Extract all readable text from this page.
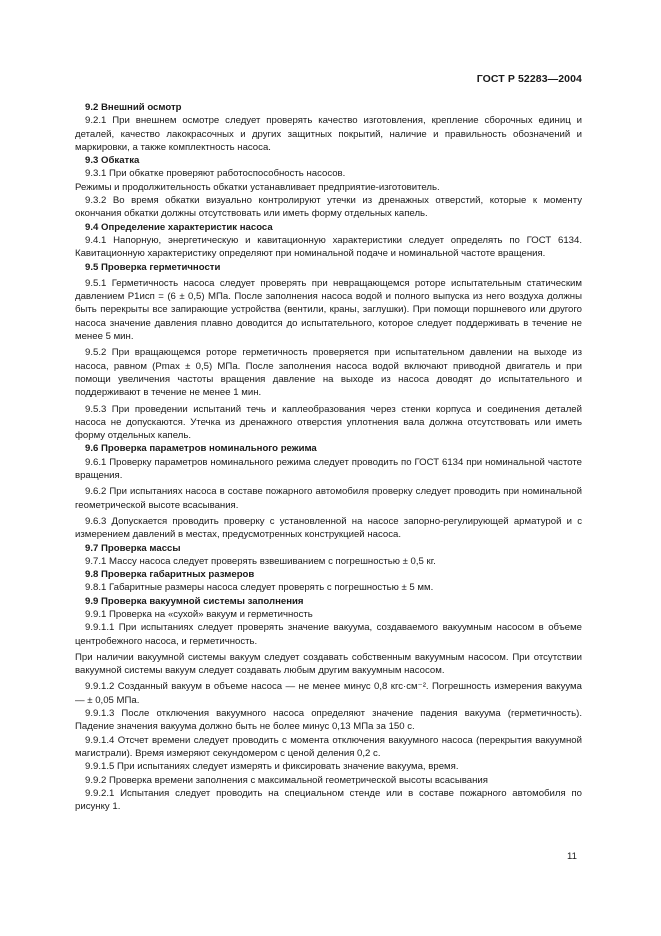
ГОСТ Р 52283—2004

9.2 Внешний осмотр

9.2.1 При внешнем осмотре следует проверять качество изготовления, крепление сборочных единиц и деталей, качество лакокрасочных и других защитных покрытий, наличие и правильность обозначений и маркировки, а также комплектность насоса.

9.3 Обкатка

9.3.1 При обкатке проверяют работоспособность насосов.

Режимы и продолжительность обкатки устанавливает предприятие-изготовитель.

9.3.2 Во время обкатки визуально контролируют утечки из дренажных отверстий, которые к моменту окончания обкатки должны отсутствовать или иметь форму отдельных капель.

9.4 Определение характеристик насоса

9.4.1 Напорную, энергетическую и кавитационную характеристики следует определять по ГОСТ 6134. Кавитационную характеристику определяют при номинальной подаче и номинальной частоте вращения.

9.5 Проверка герметичности

9.5.1 Герметичность насоса следует проверять при невращающемся роторе испытательным статическим давлением P1исп = (6 ± 0,5) МПа. После заполнения насоса водой и полного выпуска из него воздуха должны быть перекрыты все запирающие устройства (вентили, краны, заглушки). При помощи поршневого или другого насоса значение давления плавно доводится до испытательного, которое следует поддерживать в течение не менее 5 мин.

9.5.2 При вращающемся роторе герметичность проверяется при испытательном давлении на выходе из насоса, равном (Pmax ± 0,5) МПа. После заполнения насоса водой включают приводной двигатель и при помощи увеличения частоты вращения давление на выходе из насоса доводят до испытательного и поддерживают в течение не менее 1 мин.

9.5.3 При проведении испытаний течь и каплеобразования через стенки корпуса и соединения деталей насоса не допускаются. Утечка из дренажного отверстия уплотнения вала должна отсутствовать или иметь форму отдельных капель.

9.6 Проверка параметров номинального режима

9.6.1 Проверку параметров номинального режима следует проводить по ГОСТ 6134 при номинальной частоте вращения.

9.6.2 При испытаниях насоса в составе пожарного автомобиля проверку следует проводить при номинальной геометрической высоте всасывания.

9.6.3 Допускается проводить проверку с установленной на насосе запорно-регулирующей арматурой и с измерением давлений в местах, предусмотренных конструкцией насоса.

9.7 Проверка массы

9.7.1 Массу насоса следует проверять взвешиванием с погрешностью ± 0,5 кг.

9.8 Проверка габаритных размеров

9.8.1 Габаритные размеры насоса следует проверять с погрешностью ± 5 мм.

9.9 Проверка вакуумной системы заполнения

9.9.1 Проверка на «сухой» вакуум и герметичность

9.9.1.1 При испытаниях следует проверять значение вакуума, создаваемого вакуумным насосом в объеме центробежного насоса, и герметичность.

При наличии вакуумной системы вакуум следует создавать собственным вакуумным насосом. При отсутствии вакуумной системы вакуум следует создавать любым другим вакуумным насосом.

9.9.1.2 Созданный вакуум в объеме насоса — не менее минус 0,8 кгс·см⁻². Погрешность измерения вакуума — ± 0,05 МПа.

9.9.1.3 После отключения вакуумного насоса определяют значение падения вакуума (герметичность). Падение значения вакуума должно быть не более минус 0,13 МПа за 150 с.

9.9.1.4 Отсчет времени следует проводить с момента отключения вакуумного насоса (перекрытия вакуумной магистрали). Время измеряют секундомером с ценой деления 0,2 с.

9.9.1.5 При испытаниях следует измерять и фиксировать значение вакуума, время.

9.9.2 Проверка времени заполнения с максимальной геометрической высоты всасывания

9.9.2.1 Испытания следует проводить на специальном стенде или в составе пожарного автомобиля по рисунку 1.

11
